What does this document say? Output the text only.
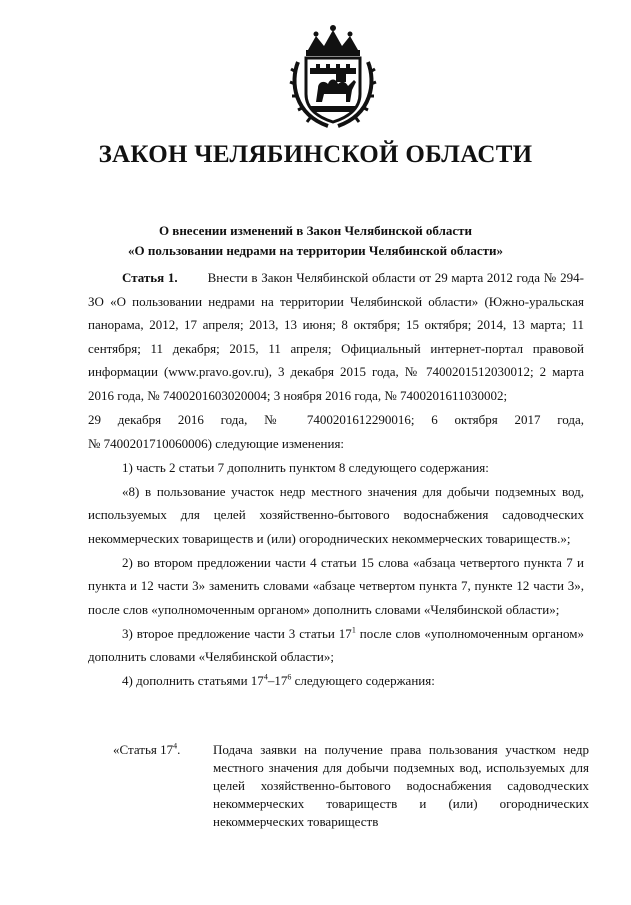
ЗАКОН ЧЕЛЯБИНСКОЙ ОБЛАСТИ
О внесении изменений в Закон Челябинской области
«О пользовании недрами на территории Челябинской области»

Статья 1. Внести в Закон Челябинской области от 29 марта 2012 года № 294-ЗО «О пользовании недрами на территории Челябинской области» (Южно-уральская панорама, 2012, 17 апреля; 2013, 13 июня; 8 октября; 15 октября; 2014, 13 марта; 11 сентября; 11 декабря; 2015, 11 апреля; Официальный интернет-портал правовой информации (www.pravo.gov.ru), 3 декабря 2015 года, № 7400201512030012; 2 марта 2016 года, № 7400201603020004; 3 ноября 2016 года, № 7400201611030002;

29 декабря 2016 года, № 7400201612290016; 6 октября 2017 года,

№ 7400201710060006) следующие изменения:

1) часть 2 статьи 7 дополнить пунктом 8 следующего содержания:

«8) в пользование участок недр местного значения для добычи подземных вод, используемых для целей хозяйственно-бытового водоснабжения садоводческих некоммерческих товариществ и (или) огороднических некоммерческих товариществ.»;

2) во втором предложении части 4 статьи 15 слова «абзаца четвертого пункта 7 и пункта и 12 части 3» заменить словами «абзаце четвертом пункта 7, пункте 12 части 3», после слов «уполномоченным органом» дополнить словами «Челябинской области»;

3) второе предложение части 3 статьи $17^1$ после слов «уполномоченным органом» дополнить словами «Челябинской области»;

4) дополнить статьями $17^4-17^6$ следующего содержания:

«Статья $17^4$.	Подача заявки на получение права пользования участком недр местного значения для добычи подземных вод, используемых для целей хозяйственно-бытового водоснабжения садоводческих некоммерческих товариществ и (или) огороднических некоммерческих товариществ
